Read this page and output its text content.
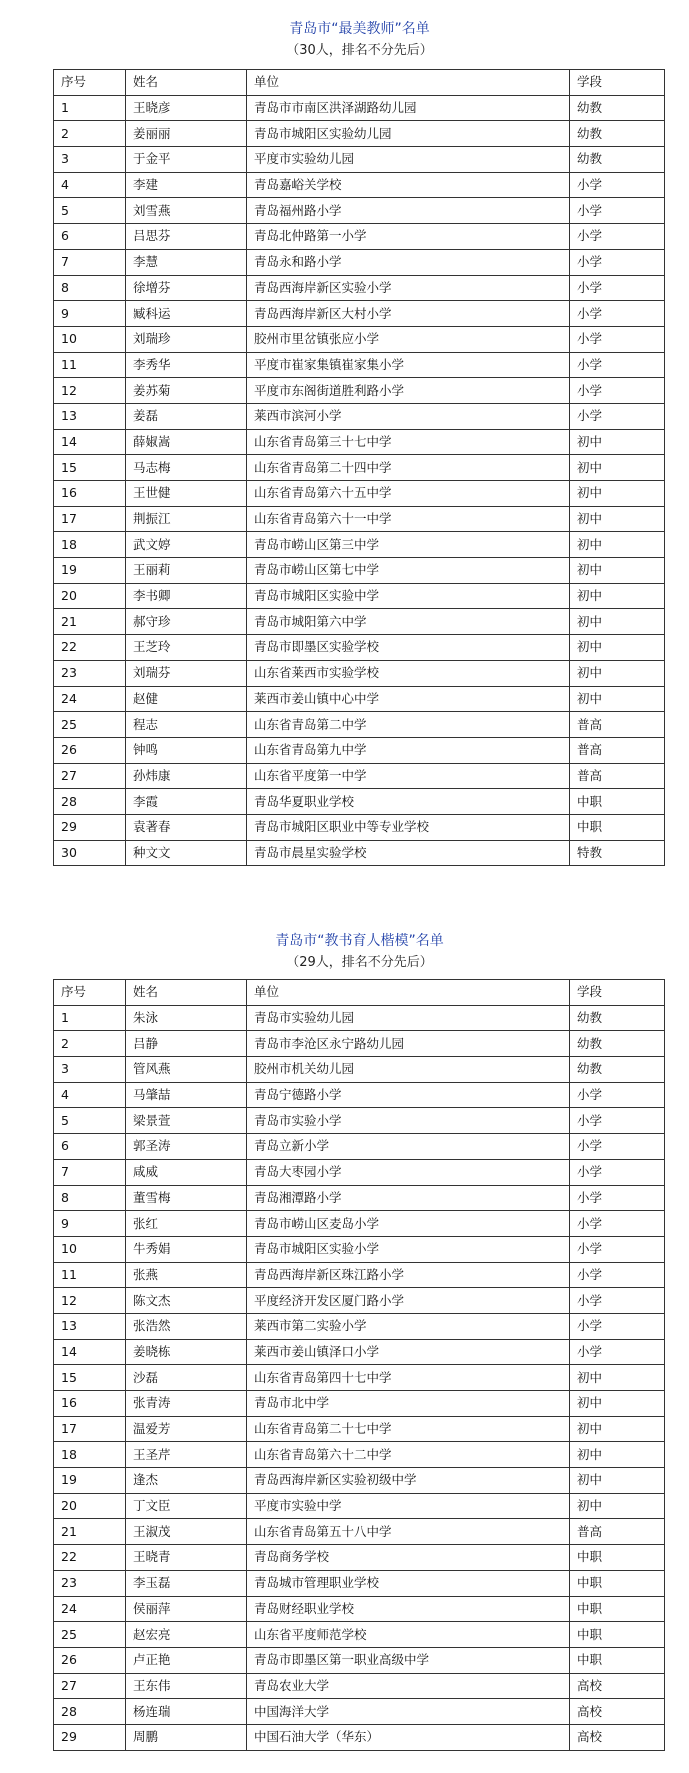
青岛市“最美教师”名单
（30人，排名不分先后）
序号	姓名	单位	学段
1	王晓彦	青岛市市南区洪泽湖路幼儿园	幼教
2	姜丽丽	青岛市城阳区实验幼儿园	幼教
3	于金平	平度市实验幼儿园	幼教
4	李建	青岛嘉峪关学校	小学
5	刘雪燕	青岛福州路小学	小学
6	吕思芬	青岛北仲路第一小学	小学
7	李慧	青岛永和路小学	小学
8	徐增芬	青岛西海岸新区实验小学	小学
9	臧科运	青岛西海岸新区大村小学	小学
10	刘瑞珍	胶州市里岔镇张应小学	小学
11	李秀华	平度市崔家集镇崔家集小学	小学
12	姜苏菊	平度市东阁街道胜利路小学	小学
13	姜磊	莱西市滨河小学	小学
14	薛婌嵩	山东省青岛第三十七中学	初中
15	马志梅	山东省青岛第二十四中学	初中
16	王世健	山东省青岛第六十五中学	初中
17	荆振江	山东省青岛第六十一中学	初中
18	武文婷	青岛市崂山区第三中学	初中
19	王丽莉	青岛市崂山区第七中学	初中
20	李书卿	青岛市城阳区实验中学	初中
21	郝守珍	青岛市城阳第六中学	初中
22	王芝玲	青岛市即墨区实验学校	初中
23	刘瑞芬	山东省莱西市实验学校	初中
24	赵健	莱西市姜山镇中心中学	初中
25	程志	山东省青岛第二中学	普高
26	钟鸣	山东省青岛第九中学	普高
27	孙炜康	山东省平度第一中学	普高
28	李霞	青岛华夏职业学校	中职
29	袁著春	青岛市城阳区职业中等专业学校	中职
30	种文文	青岛市晨星实验学校	特教
青岛市“教书育人楷模”名单
（29人，排名不分先后）
序号	姓名	单位	学段
1	朱泳	青岛市实验幼儿园	幼教
2	吕静	青岛市李沧区永宁路幼儿园	幼教
3	管风燕	胶州市机关幼儿园	幼教
4	马肇喆	青岛宁德路小学	小学
5	梁景萱	青岛市实验小学	小学
6	郭圣涛	青岛立新小学	小学
7	咸威	青岛大枣园小学	小学
8	董雪梅	青岛湘潭路小学	小学
9	张红	青岛市崂山区麦岛小学	小学
10	牛秀娟	青岛市城阳区实验小学	小学
11	张燕	青岛西海岸新区珠江路小学	小学
12	陈文杰	平度经济开发区厦门路小学	小学
13	张浩然	莱西市第二实验小学	小学
14	姜晓栋	莱西市姜山镇泽口小学	小学
15	沙磊	山东省青岛第四十七中学	初中
16	张青涛	青岛市北中学	初中
17	温爱芳	山东省青岛第二十七中学	初中
18	王圣芹	山东省青岛第六十二中学	初中
19	逢杰	青岛西海岸新区实验初级中学	初中
20	丁文臣	平度市实验中学	初中
21	王淑茂	山东省青岛第五十八中学	普高
22	王晓青	青岛商务学校	中职
23	李玉磊	青岛城市管理职业学校	中职
24	侯丽萍	青岛财经职业学校	中职
25	赵宏亮	山东省平度师范学校	中职
26	卢正艳	青岛市即墨区第一职业高级中学	中职
27	王东伟	青岛农业大学	高校
28	杨连瑞	中国海洋大学	高校
29	周鹏	中国石油大学（华东）	高校
